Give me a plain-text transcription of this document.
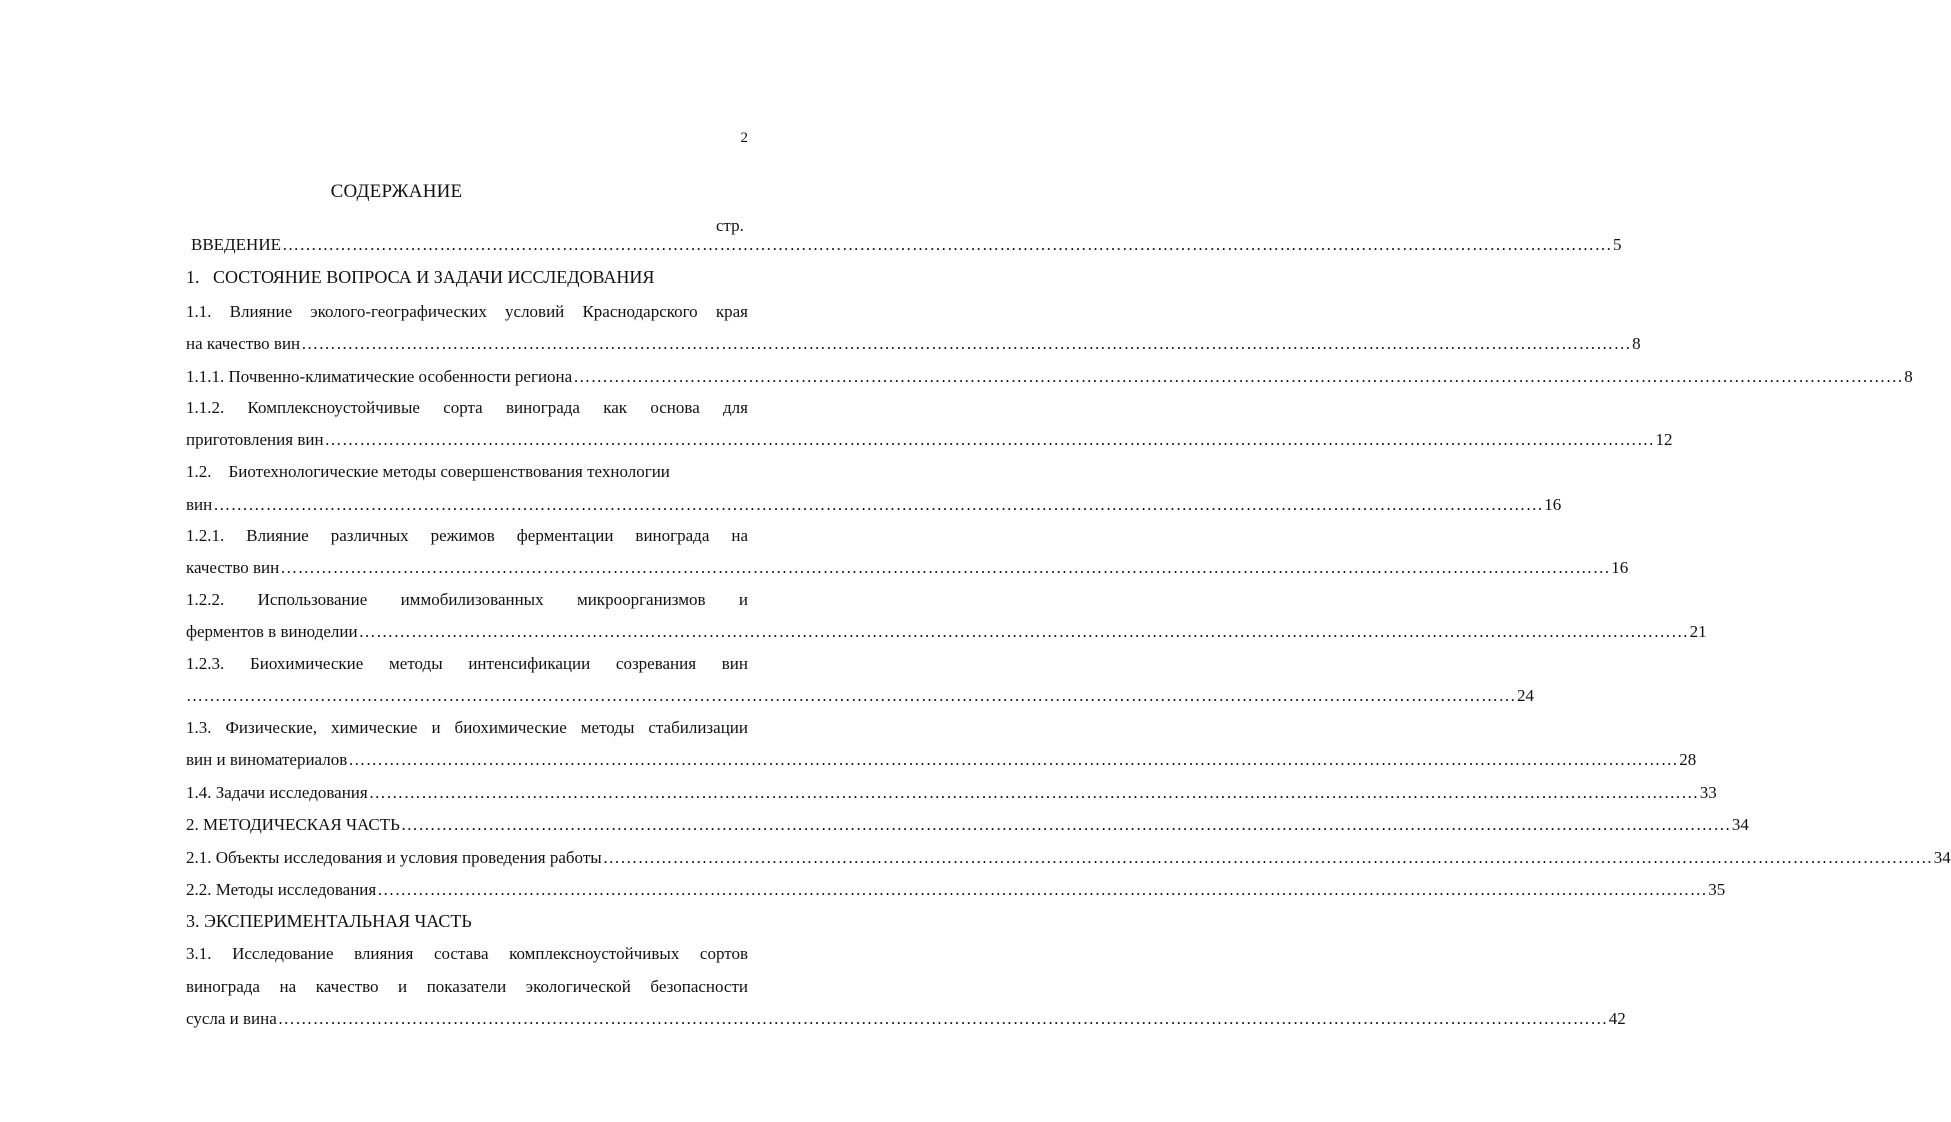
2
СОДЕРЖАНИЕ
стр.
ВВЕДЕНИЕ ………………………………………………………………………………………………………………………………………………………………………………………………………… 5
1.   СОСТОЯНИЕ ВОПРОСА И ЗАДАЧИ ИССЛЕДОВАНИЯ
1.1. Влияние эколого-географических условий Краснодарского края
на качество вин ………………………………………………………………………………………………………………………………………………………………………………………………………… 8
1.1.1. Почвенно-климатические особенности региона ………………………………………………………………………………………………………………………………………………………………………………………………………… 8
1.1.2. Комплексноустойчивые сорта винограда как основа для
приготовления вин ………………………………………………………………………………………………………………………………………………………………………………………………………… 12
1.2.    Биотехнологические методы совершенствования технологии
вин ………………………………………………………………………………………………………………………………………………………………………………………………………… 16
1.2.1. Влияние различных режимов ферментации винограда на
качество вин ………………………………………………………………………………………………………………………………………………………………………………………………………… 16
1.2.2. Использование иммобилизованных микроорганизмов и
ферментов в виноделии ………………………………………………………………………………………………………………………………………………………………………………………………………… 21
1.2.3. Биохимические методы интенсификации созревания вин
………………………………………………………………………………………………………………………………………………………………………………………………………… 24
1.3. Физические, химические и биохимические методы стабилизации
вин и виноматериалов ………………………………………………………………………………………………………………………………………………………………………………………………………… 28
1.4. Задачи исследования ………………………………………………………………………………………………………………………………………………………………………………………………………… 33
2. МЕТОДИЧЕСКАЯ ЧАСТЬ ………………………………………………………………………………………………………………………………………………………………………………………………………… 34
2.1. Объекты исследования и условия проведения работы ………………………………………………………………………………………………………………………………………………………………………………………………………… 34
2.2. Методы исследования ………………………………………………………………………………………………………………………………………………………………………………………………………… 35
3. ЭКСПЕРИМЕНТАЛЬНАЯ ЧАСТЬ
3.1. Исследование влияния состава комплексноустойчивых сортов
винограда на качество и показатели экологической безопасности
сусла и вина ………………………………………………………………………………………………………………………………………………………………………………………………………… 42
